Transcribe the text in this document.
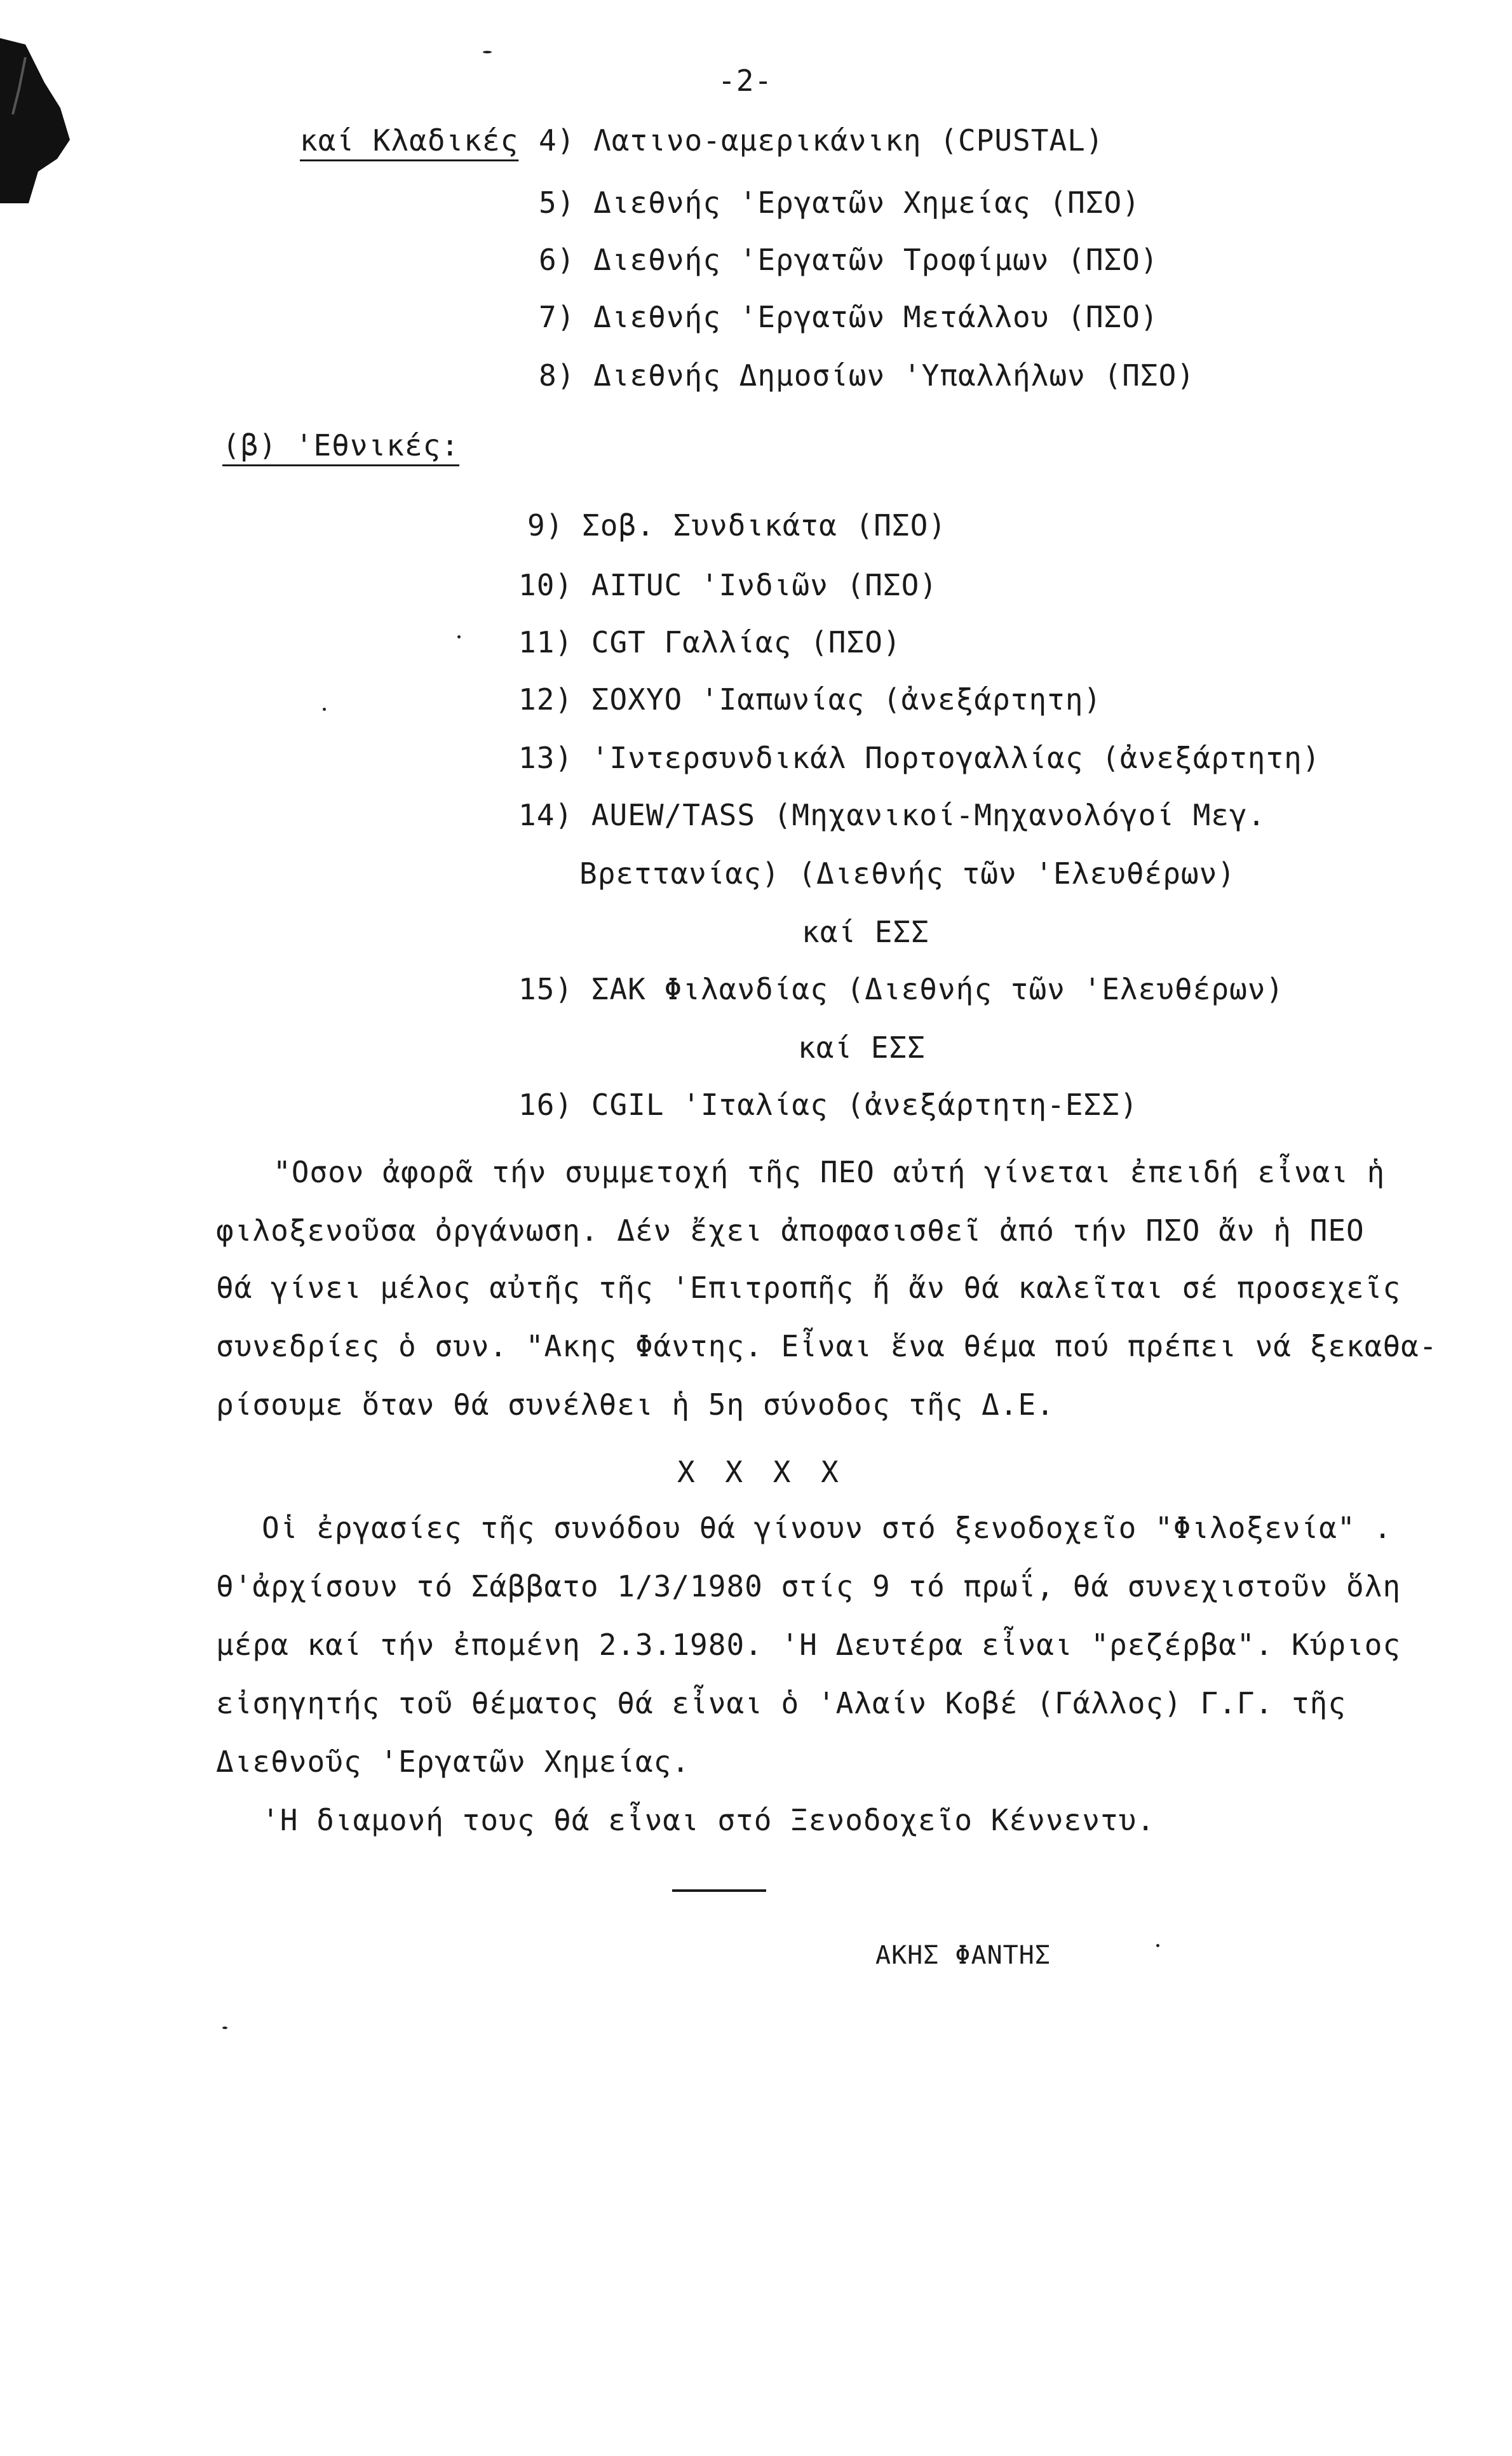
-2-
καί Κλαδικές 4) Λατινο-αμερικάνικη (CPUSTAL)
5) Διεθνής 'Εργατῶν Χημείας (ΠΣΟ)
6) Διεθνής 'Εργατῶν Τροφίμων (ΠΣΟ)
7) Διεθνής 'Εργατῶν Μετάλλου (ΠΣΟ)
8) Διεθνής Δημοσίων 'Υπαλλήλων (ΠΣΟ)
(β) 'Εθνικές:
9) Σοβ. Συνδικάτα (ΠΣΟ)
10) AITUC 'Ινδιῶν (ΠΣΟ)
11) CGT Γαλλίας (ΠΣΟ)
12) ΣΟΧΥΟ 'Ιαπωνίας (ἀνεξάρτητη)
13) 'Ιντερσυνδικάλ Πορτογαλλίας (ἀνεξάρτητη)
14) AUEW/TASS (Μηχανικοί-Μηχανολόγοί Μεγ.
Βρεττανίας) (Διεθνής τῶν 'Ελευθέρων)
καί ΕΣΣ
15) ΣΑΚ Φιλανδίας (Διεθνής τῶν 'Ελευθέρων)
καί ΕΣΣ
16) CGIL 'Ιταλίας (ἀνεξάρτητη-ΕΣΣ)
"Οσον ἀφορᾶ τήν συμμετοχή τῆς ΠΕΟ αὐτή γίνεται ἐπειδή εἶναι ἡ
φιλοξενοῦσα ὀργάνωση. Δέν ἔχει ἀποφασισθεῖ ἀπό τήν ΠΣΟ ἄν ἡ ΠΕΟ
θά γίνει μέλος αὐτῆς τῆς 'Επιτροπῆς ἤ ἄν θά καλεῖται σέ προσεχεῖς
συνεδρίες ὁ συν. "Ακης Φάντης. Εἶναι ἕνα θέμα πού πρέπει νά ξεκαθα-
ρίσουμε ὅταν θά συνέλθει ἡ 5η σύνοδος τῆς Δ.Ε.
Χ Χ Χ Χ
Οἱ ἐργασίες τῆς συνόδου θά γίνουν στό ξενοδοχεῖο "Φιλοξενία" .
θ'ἀρχίσουν τό Σάββατο 1/3/1980 στίς 9 τό πρωΐ, θά συνεχιστοῦν ὅλη
μέρα καί τήν ἐπομένη 2.3.1980. 'Η Δευτέρα εἶναι "ρεζέρβα". Κύριος
εἰσηγητής τοῦ θέματος θά εἶναι ὁ 'Αλαίν Κοβέ (Γάλλος) Γ.Γ. τῆς
Διεθνοῦς 'Εργατῶν Χημείας.
'Η διαμονή τους θά εἶναι στό Ξενοδοχεῖο Κέννεντυ.
ΑΚΗΣ ΦΑΝΤΗΣ
